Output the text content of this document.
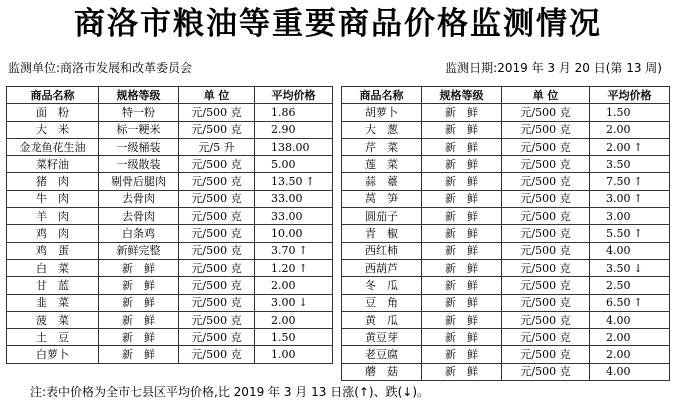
商洛市粮油等重要商品价格监测情况
监测单位:商洛市发展和改革委员会	监测日期:2019 年 3 月 20 日(第 13 周)
商品名称	规格等级	单 位	平均价格
面　粉	特一粉	元/500 克	1.86
大　米	标一粳米	元/500 克	2.90
金龙鱼花生油	一级桶装	元/5 升	138.00
菜籽油	一级散装	元/500 克	5.00
猪　肉	剔骨后腿肉	元/500 克	13.50 ↑
牛　肉	去骨肉	元/500 克	33.00
羊　肉	去骨肉	元/500 克	33.00
鸡　肉	白条鸡	元/500 克	10.00
鸡　蛋	新鲜完整	元/500 克	3.70 ↑
白　菜	新　鲜	元/500 克	1.20 ↑
甘　蓝	新　鲜	元/500 克	2.00
韭　菜	新　鲜	元/500 克	3.00 ↓
菠　菜	新　鲜	元/500 克	2.00
土　豆	新　鲜	元/500 克	1.50
白萝卜	新　鲜	元/500 克	1.00
商品名称	规格等级	单 位	平均价格
胡萝卜	新　鲜	元/500 克	1.50
大　葱	新　鲜	元/500 克	2.00
芹　菜	新　鲜	元/500 克	2.00 ↑
莲　菜	新　鲜	元/500 克	3.50
蒜　薹	新　鲜	元/500 克	7.50 ↑
莴　笋	新　鲜	元/500 克	3.00 ↑
圆茄子	新　鲜	元/500 克	3.00
青　椒	新　鲜	元/500 克	5.50 ↑
西红柿	新　鲜	元/500 克	4.00
西葫芦	新　鲜	元/500 克	3.50 ↓
冬　瓜	新　鲜	元/500 克	2.50
豆　角	新　鲜	元/500 克	6.50 ↑
黄　瓜	新　鲜	元/500 克	4.00
黄豆芽	新　鲜	元/500 克	2.00
老豆腐	新　鲜	元/500 克	2.00
蘑　菇	新　鲜	元/500 克	4.00
注:表中价格为全市七县区平均价格,比 2019 年 3 月 13 日涨(↑)、跌(↓)。
